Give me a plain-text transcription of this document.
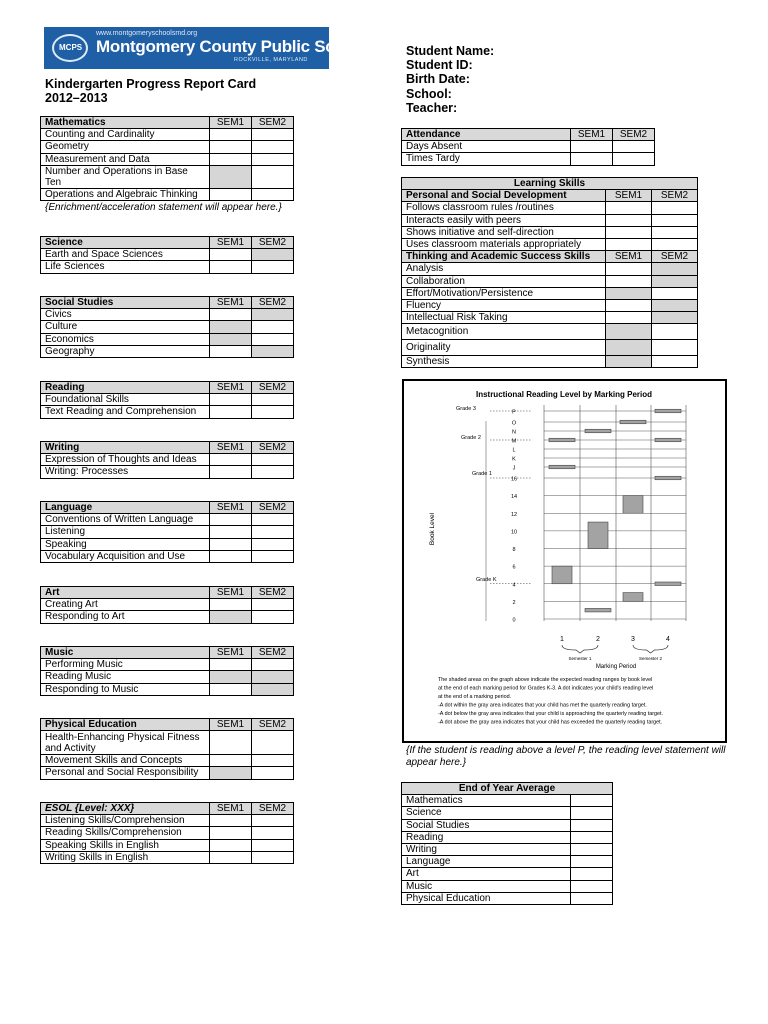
MCPS
www.montgomeryschoolsmd.org
Montgomery County Public Schools
ROCKVILLE, MARYLAND
Kindergarten Progress Report Card
2012–2013
Student Name:
Student ID:
Birth Date:
School:
Teacher:
Mathematics	SEM1	SEM2
Counting and Cardinality		
Geometry		
Measurement and Data		
Number and Operations in Base Ten		
Operations and Algebraic Thinking		
{Enrichment/acceleration statement will appear here.}
Science	SEM1	SEM2
Earth and Space Sciences		
Life Sciences		
Social Studies	SEM1	SEM2
Civics		
Culture		
Economics		
Geography		
Reading	SEM1	SEM2
Foundational Skills		
Text Reading and Comprehension		
Writing	SEM1	SEM2
Expression of Thoughts and Ideas		
Writing: Processes		
Language	SEM1	SEM2
Conventions of Written Language		
Listening		
Speaking		
Vocabulary Acquisition and Use		
Art	SEM1	SEM2
Creating Art		
Responding to Art		
Music	SEM1	SEM2
Performing Music		
Reading Music		
Responding to Music		
Physical Education	SEM1	SEM2
Health-Enhancing Physical Fitness and Activity		
Movement Skills and Concepts		
Personal and Social Responsibility		
ESOL {Level: XXX}	SEM1	SEM2
Listening Skills/Comprehension		
Reading Skills/Comprehension		
Speaking Skills in English		
Writing Skills in English		
Attendance	SEM1	SEM2
Days Absent		
Times Tardy		
Learning Skills		
Personal and Social Development	SEM1	SEM2
Follows classroom rules /routines		
Interacts easily with peers		
Shows initiative and self-direction		
Uses classroom materials appropriately		
Thinking and Academic Success Skills	SEM1	SEM2
Analysis		
Collaboration		
Effort/Motivation/Persistence		
Fluency		
Intellectual Risk Taking		
Metacognition		
Originality		
Synthesis		
Instructional Reading Level by Marking Period
P
O
N
M
L
K
J
16
14
12
10
8
6
4
2
0
Grade 3
Grade 2
Grade 1
Grade K
Book Level
1	2	3	4
Semester 1	Semester 2
Marking Period
The shaded areas on the graph above indicate the expected reading ranges by book level
at the end of each marking period for Grades K-3. A dot indicates your child's reading level
at the end of a marking period.
-A dot within the gray area indicates that your child has met the quarterly reading target.
-A dot below the gray area indicates that your child is approaching the quarterly reading target.
-A dot above the gray area indicates that your child has exceeded the quarterly reading target.
{If the student is reading above a level P, the reading level statement will appear here.}
End of Year Average	
Mathematics	
Science	
Social Studies	
Reading	
Writing	
Language	
Art	
Music	
Physical Education	
